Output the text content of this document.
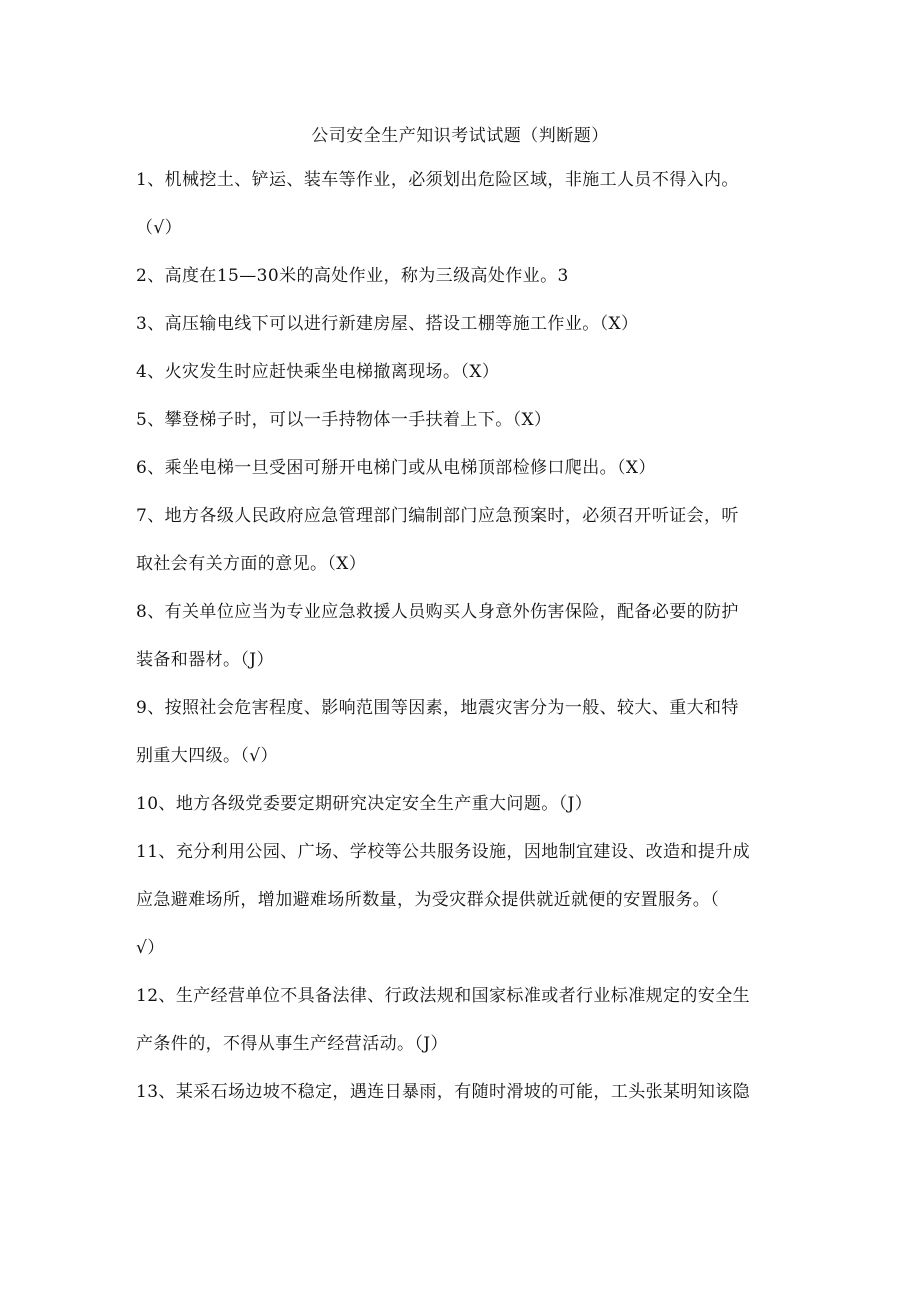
公司安全生产知识考试试题（判断题）
1、机械挖土、铲运、装车等作业，必须划出危险区域，非施工人员不得入内。
（√）
2、高度在15—30米的高处作业，称为三级高处作业。3
3、高压输电线下可以进行新建房屋、搭设工棚等施工作业。（X）
4、火灾发生时应赶快乘坐电梯撤离现场。（X）
5、攀登梯子时，可以一手持物体一手扶着上下。（X）
6、乘坐电梯一旦受困可掰开电梯门或从电梯顶部检修口爬出。（X）
7、地方各级人民政府应急管理部门编制部门应急预案时，必须召开听证会，听
取社会有关方面的意见。（X）
8、有关单位应当为专业应急救援人员购买人身意外伤害保险，配备必要的防护
装备和器材。（J）
9、按照社会危害程度、影响范围等因素，地震灾害分为一般、较大、重大和特
别重大四级。（√）
10、地方各级党委要定期研究决定安全生产重大问题。（J）
11、充分利用公园、广场、学校等公共服务设施，因地制宜建设、改造和提升成
应急避难场所，增加避难场所数量，为受灾群众提供就近就便的安置服务。（
√）
12、生产经营单位不具备法律、行政法规和国家标准或者行业标准规定的安全生
产条件的，不得从事生产经营活动。（J）
13、某采石场边坡不稳定，遇连日暴雨，有随时滑坡的可能，工头张某明知该隐
